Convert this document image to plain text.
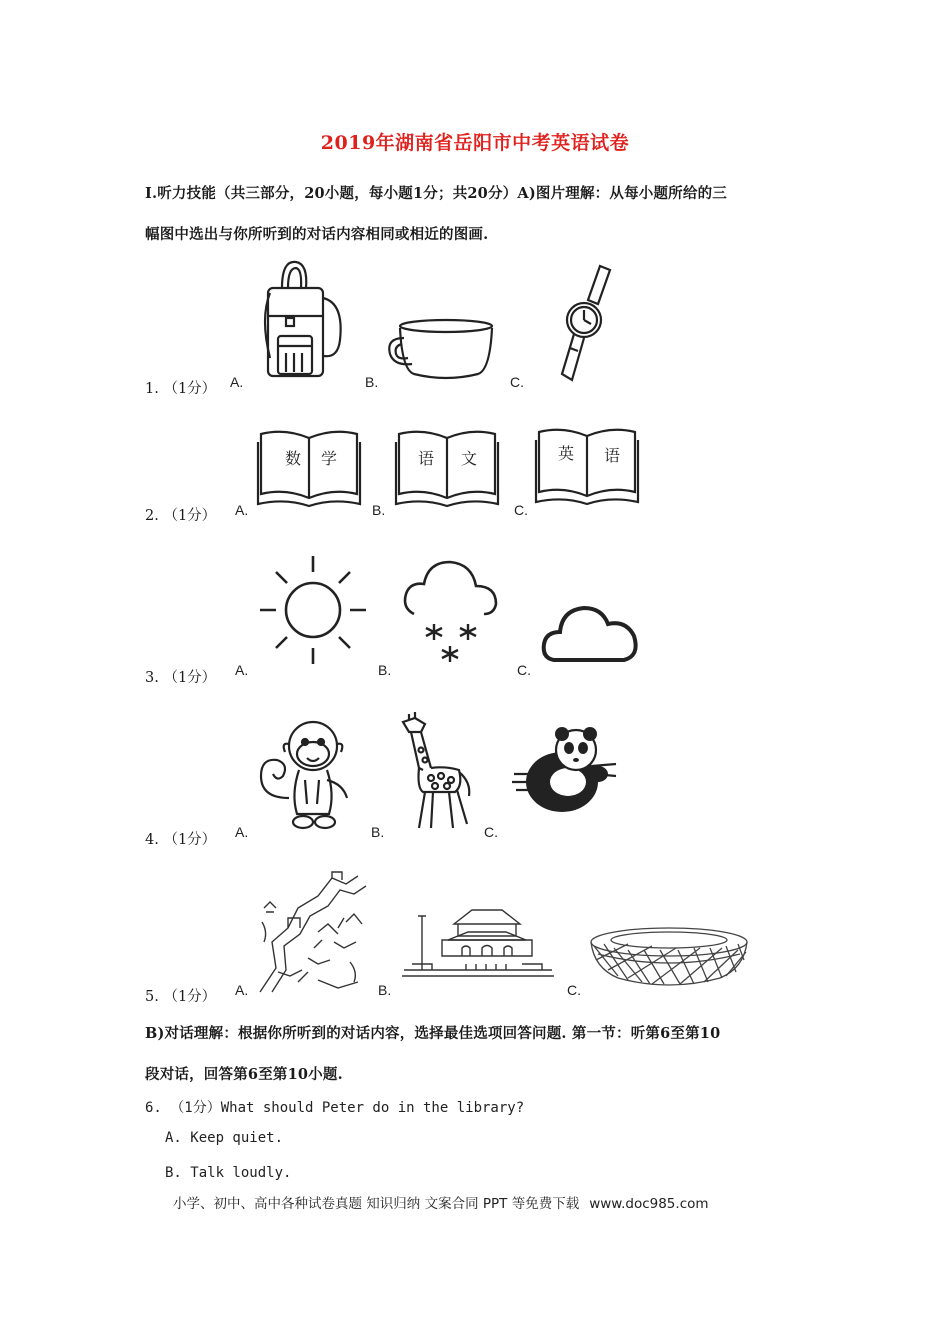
2019年湖南省岳阳市中考英语试卷
I.听力技能（共三部分，20小题，每小题1分；共20分）A)图片理解：从每小题所给的三
幅图中选出与你所听到的对话内容相同或相近的图画.
1. （1分） A.	B.	C.
2. （1分） A.	B.	C.
数 学	语 文	英 语
3. （1分） A.	B.	C.
4. （1分） A.	B.	C.
5. （1分） A.	B.	C.
B)对话理解：根据你所听到的对话内容，选择最佳选项回答问题. 第一节：听第6至第10
段对话，回答第6至第10小题.
6. （1分）What should Peter do in the library?
A. Keep quiet.
B. Talk loudly.
小学、初中、高中各种试卷真题 知识归纳 文案合同 PPT 等免费下载 www.doc985.com
